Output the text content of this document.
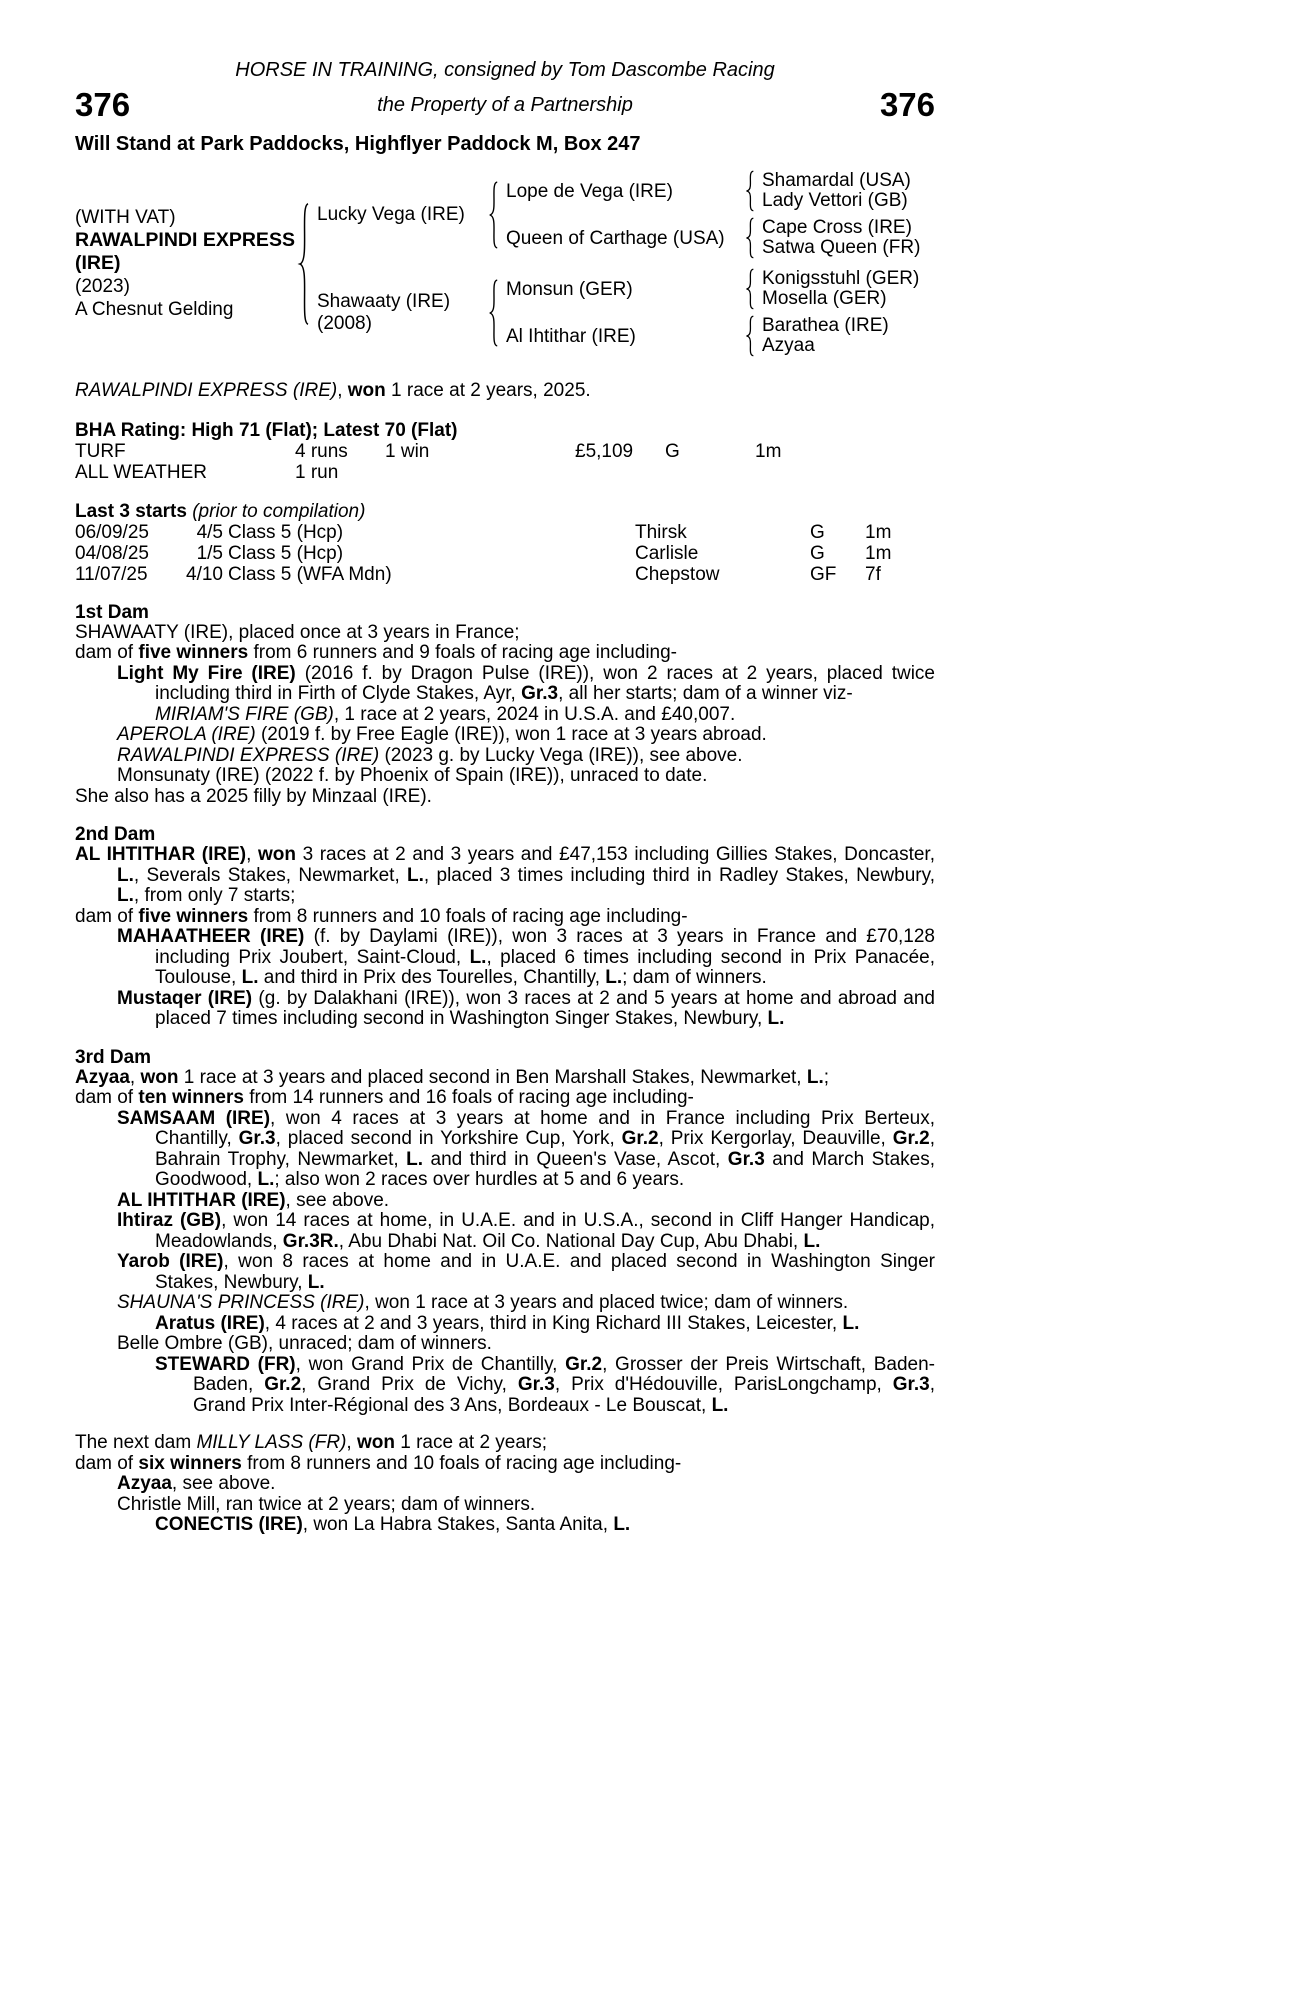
HORSE IN TRAINING, consigned by Tom Dascombe Racing
376	the Property of a Partnership	376
Will Stand at Park Paddocks, Highflyer Paddock M, Box 247
(WITH VAT)
RAWALPINDI EXPRESS (IRE)
(2023)
A Chesnut Gelding
Lucky Vega (IRE)
Lope de Vega (IRE)	Shamardal (USA)
Lady Vettori (GB)
Queen of Carthage (USA)	Cape Cross (IRE)
Satwa Queen (FR)
Shawaaty (IRE)
(2008)
Monsun (GER)	Konigsstuhl (GER)
Mosella (GER)
Al Ihtithar (IRE)	Barathea (IRE)
Azyaa
RAWALPINDI EXPRESS (IRE), won 1 race at 2 years, 2025.
BHA Rating: High 71 (Flat); Latest 70 (Flat)
TURF	4 runs 1 win	£5,109 G	1m
ALL WEATHER	1 run
Last 3 starts (prior to compilation)
06/09/25	4/5 Class 5 (Hcp)	Thirsk	G 1m
04/08/25	1/5 Class 5 (Hcp)	Carlisle	G 1m
11/07/25 4/10 Class 5 (WFA Mdn)	Chepstow	GF 7f
1st Dam
SHAWAATY (IRE), placed once at 3 years in France;
dam of five winners from 6 runners and 9 foals of racing age including-
Light My Fire (IRE) (2016 f. by Dragon Pulse (IRE)), won 2 races at 2 years, placed twice including third in Firth of Clyde Stakes, Ayr, Gr.3, all her starts; dam of a winner viz-
MIRIAM'S FIRE (GB), 1 race at 2 years, 2024 in U.S.A. and £40,007.
APEROLA (IRE) (2019 f. by Free Eagle (IRE)), won 1 race at 3 years abroad.
RAWALPINDI EXPRESS (IRE) (2023 g. by Lucky Vega (IRE)), see above.
Monsunaty (IRE) (2022 f. by Phoenix of Spain (IRE)), unraced to date.
She also has a 2025 filly by Minzaal (IRE).
2nd Dam
AL IHTITHAR (IRE), won 3 races at 2 and 3 years and £47,153 including Gillies Stakes, Doncaster, L., Severals Stakes, Newmarket, L., placed 3 times including third in Radley Stakes, Newbury, L., from only 7 starts;
dam of five winners from 8 runners and 10 foals of racing age including-
MAHAATHEER (IRE) (f. by Daylami (IRE)), won 3 races at 3 years in France and £70,128 including Prix Joubert, Saint-Cloud, L., placed 6 times including second in Prix Panacée, Toulouse, L. and third in Prix des Tourelles, Chantilly, L.; dam of winners.
Mustaqer (IRE) (g. by Dalakhani (IRE)), won 3 races at 2 and 5 years at home and abroad and placed 7 times including second in Washington Singer Stakes, Newbury, L.
3rd Dam
Azyaa, won 1 race at 3 years and placed second in Ben Marshall Stakes, Newmarket, L.;
dam of ten winners from 14 runners and 16 foals of racing age including-
SAMSAAM (IRE), won 4 races at 3 years at home and in France including Prix Berteux, Chantilly, Gr.3, placed second in Yorkshire Cup, York, Gr.2, Prix Kergorlay, Deauville, Gr.2, Bahrain Trophy, Newmarket, L. and third in Queen's Vase, Ascot, Gr.3 and March Stakes, Goodwood, L.; also won 2 races over hurdles at 5 and 6 years.
AL IHTITHAR (IRE), see above.
Ihtiraz (GB), won 14 races at home, in U.A.E. and in U.S.A., second in Cliff Hanger Handicap, Meadowlands, Gr.3R., Abu Dhabi Nat. Oil Co. National Day Cup, Abu Dhabi, L.
Yarob (IRE), won 8 races at home and in U.A.E. and placed second in Washington Singer Stakes, Newbury, L.
SHAUNA'S PRINCESS (IRE), won 1 race at 3 years and placed twice; dam of winners.
Aratus (IRE), 4 races at 2 and 3 years, third in King Richard III Stakes, Leicester, L.
Belle Ombre (GB), unraced; dam of winners.
STEWARD (FR), won Grand Prix de Chantilly, Gr.2, Grosser der Preis Wirtschaft, Baden-Baden, Gr.2, Grand Prix de Vichy, Gr.3, Prix d'Hédouville, ParisLongchamp, Gr.3, Grand Prix Inter-Régional des 3 Ans, Bordeaux - Le Bouscat, L.
The next dam MILLY LASS (FR), won 1 race at 2 years;
dam of six winners from 8 runners and 10 foals of racing age including-
Azyaa, see above.
Christle Mill, ran twice at 2 years; dam of winners.
CONECTIS (IRE), won La Habra Stakes, Santa Anita, L.
